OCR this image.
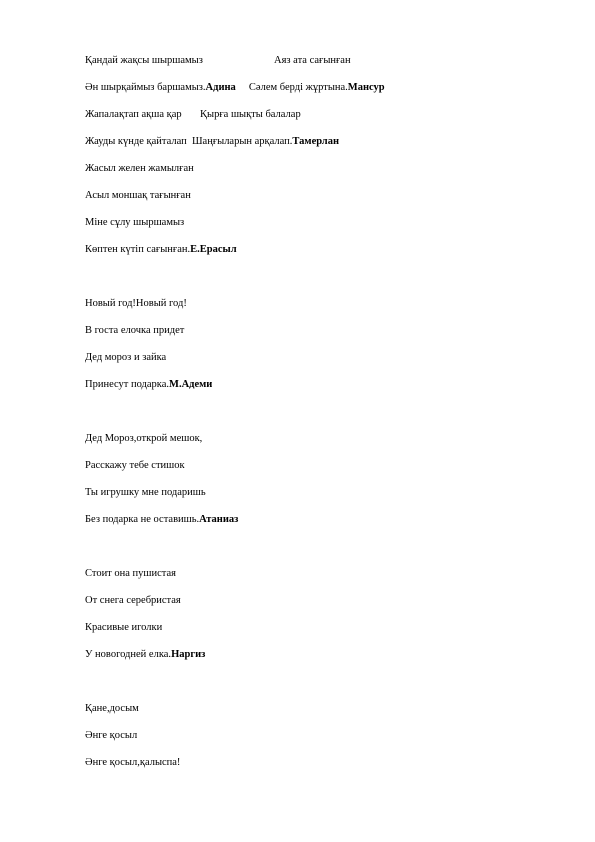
Қандай жақсы шыршамыз	Аяз ата сағынған
Ән шырқаймыз баршамыз.Адина     Сәлем берді жұртына.Мансур
Жапалақтап ақша қар       Қырға шықты балалар
Жауды күнде қайталап  Шаңғыларын арқалап.Тамерлан
Жасыл желен жамылған
Асыл моншақ тағынған
Міне сұлу шыршамыз
Көптен күтіп сағынған.Е.Ерасыл
Новый год!Новый год!
В госта елочка придет
Дед мороз и зайка
Принесут подарка.М.Адеми
Дед Мороз,открой мешок,
Расскажу тебе стишок
Ты игрушку мне подаришь
Без подарка не оставишь.Атаниаз
Стоит она пушистая
От снега серебристая
Красивые иголки
У новогодней елка.Наргиз
Қане,досым
Әнге қосыл
Әнге қосыл,қалыспа!
